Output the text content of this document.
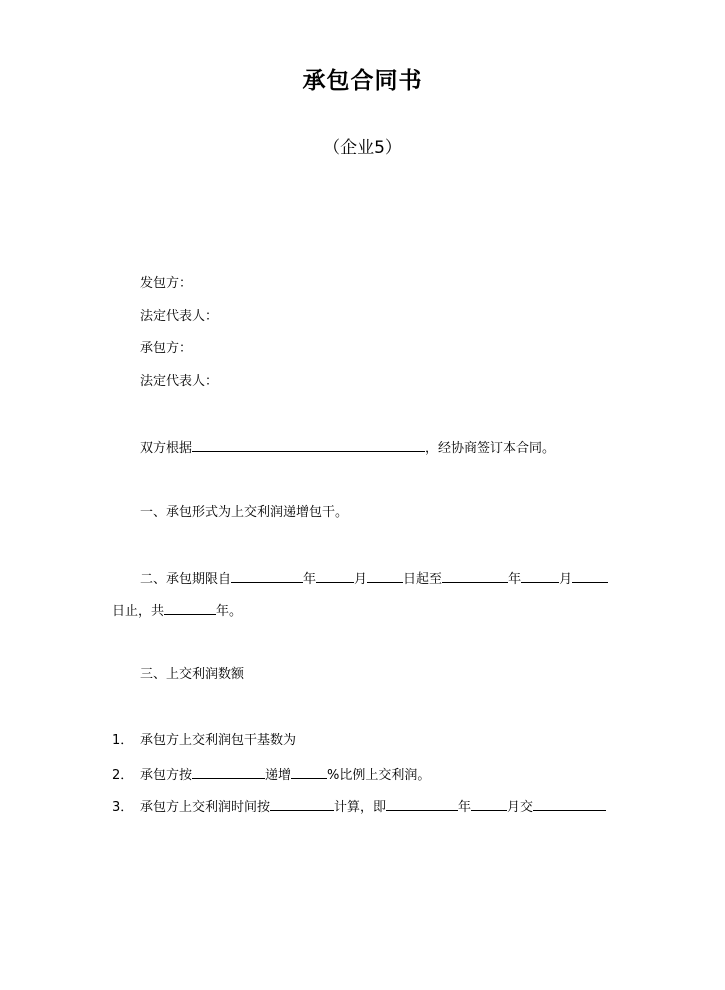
承包合同书
（企业5）
发包方：
法定代表人：
承包方：
法定代表人：
双方根据	，经协商签订本合同。
一、承包形式为上交利润递增包干。
二、承包期限自	年	月	日起至	年	月
日止，共	年。
三、上交利润数额
1． 承包方上交利润包干基数为
2． 承包方按	递增	%比例上交利润。
3． 承包方上交利润时间按	计算，即	年	月交
